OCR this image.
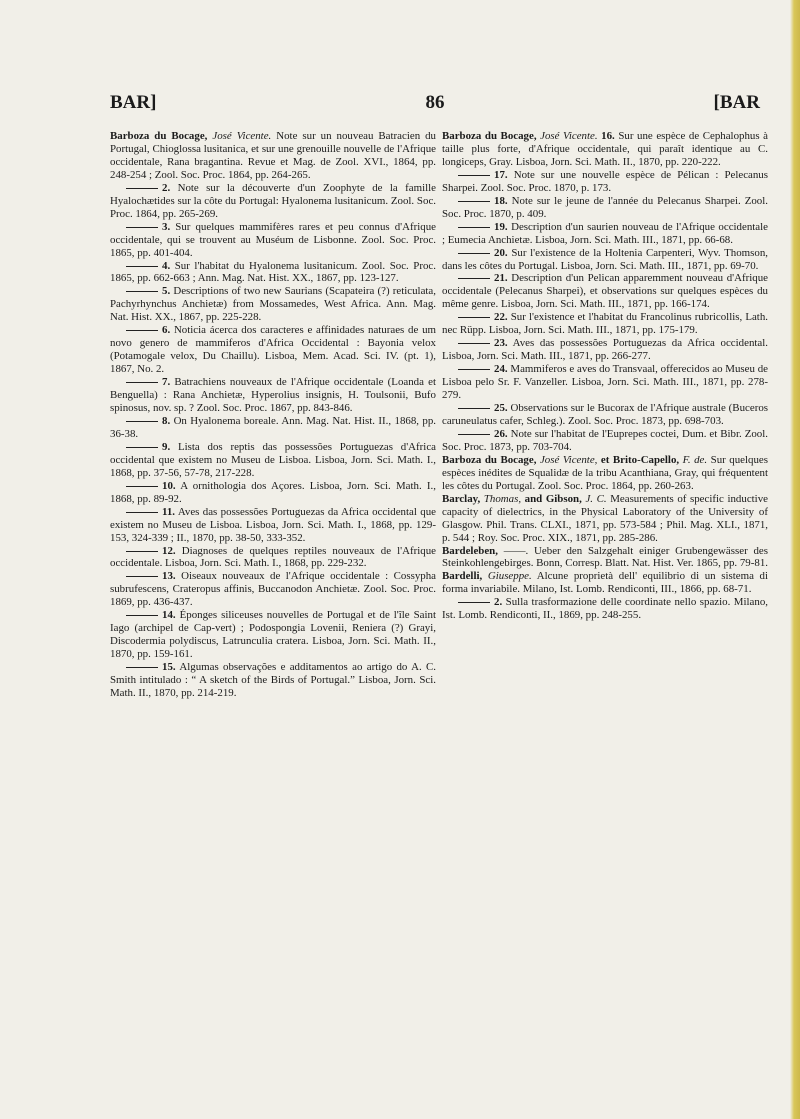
BAR]	86	[BAR

Barboza du Bocage, José Vicente. Note sur un nouveau Batracien du Portugal, Chioglossa lusitanica, et sur une grenouille nouvelle de l'Afrique occidentale, Rana bragantina. Revue et Mag. de Zool. XVI., 1864, pp. 248-254 ; Zool. Soc. Proc. 1864, pp. 264-265.

2. Note sur la découverte d'un Zoophyte de la famille Hyalochætides sur la côte du Portugal: Hyalonema lusitanicum. Zool. Soc. Proc. 1864, pp. 265-269.

3. Sur quelques mammifères rares et peu connus d'Afrique occidentale, qui se trouvent au Muséum de Lisbonne. Zool. Soc. Proc. 1865, pp. 401-404.

4. Sur l'habitat du Hyalonema lusitanicum. Zool. Soc. Proc. 1865, pp. 662-663 ; Ann. Mag. Nat. Hist. XX., 1867, pp. 123-127.

5. Descriptions of two new Saurians (Scapateira (?) reticulata, Pachyrhynchus Anchietæ) from Mossamedes, West Africa. Ann. Mag. Nat. Hist. XX., 1867, pp. 225-228.

6. Noticia ácerca dos caracteres e affinidades naturaes de um novo genero de mammiferos d'Africa Occidental : Bayonia velox (Potamogale velox, Du Chaillu). Lisboa, Mem. Acad. Sci. IV. (pt. 1), 1867, No. 2.

7. Batrachiens nouveaux de l'Afrique occidentale (Loanda et Benguella) : Rana Anchietæ, Hyperolius insignis, H. Toulsonii, Bufo spinosus, nov. sp. ? Zool. Soc. Proc. 1867, pp. 843-846.

8. On Hyalonema boreale. Ann. Mag. Nat. Hist. II., 1868, pp. 36-38.

9. Lista dos reptis das possessões Portuguezas d'Africa occidental que existem no Museu de Lisboa. Lisboa, Jorn. Sci. Math. I., 1868, pp. 37-56, 57-78, 217-228.

10. A ornithologia dos Açores. Lisboa, Jorn. Sci. Math. I., 1868, pp. 89-92.

11. Aves das possessões Portuguezas da Africa occidental que existem no Museu de Lisboa. Lisboa, Jorn. Sci. Math. I., 1868, pp. 129-153, 324-339 ; II., 1870, pp. 38-50, 333-352.

12. Diagnoses de quelques reptiles nouveaux de l'Afrique occidentale. Lisboa, Jorn. Sci. Math. I., 1868, pp. 229-232.

13. Oiseaux nouveaux de l'Afrique occidentale : Cossypha subrufescens, Crateropus affinis, Buccanodon Anchietæ. Zool. Soc. Proc. 1869, pp. 436-437.

14. Éponges siliceuses nouvelles de Portugal et de l'île Saint Iago (archipel de Cap-vert) ; Podospongia Lovenii, Reniera (?) Grayi, Discodermia polydiscus, Latrunculia cratera. Lisboa, Jorn. Sci. Math. II., 1870, pp. 159-161.

15. Algumas observações e additamentos ao artigo do A. C. Smith intitulado : “ A sketch of the Birds of Portugal.” Lisboa, Jorn. Sci. Math. II., 1870, pp. 214-219.

Barboza du Bocage, José Vicente. 16. Sur une espèce de Cephalophus à taille plus forte, d'Afrique occidentale, qui paraît identique au C. longiceps, Gray. Lisboa, Jorn. Sci. Math. II., 1870, pp. 220-222.

17. Note sur une nouvelle espèce de Pélican : Pelecanus Sharpei. Zool. Soc. Proc. 1870, p. 173.

18. Note sur le jeune de l'année du Pelecanus Sharpei. Zool. Soc. Proc. 1870, p. 409.

19. Description d'un saurien nouveau de l'Afrique occidentale ; Eumecia Anchietæ. Lisboa, Jorn. Sci. Math. III., 1871, pp. 66-68.

20. Sur l'existence de la Holtenia Carpenteri, Wyv. Thomson, dans les côtes du Portugal. Lisboa, Jorn. Sci. Math. III., 1871, pp. 69-70.

21. Description d'un Pelican apparemment nouveau d'Afrique occidentale (Pelecanus Sharpei), et observations sur quelques espèces du même genre. Lisboa, Jorn. Sci. Math. III., 1871, pp. 166-174.

22. Sur l'existence et l'habitat du Francolinus rubricollis, Lath. nec Rüpp. Lisboa, Jorn. Sci. Math. III., 1871, pp. 175-179.

23. Aves das possessões Portuguezas da Africa occidental. Lisboa, Jorn. Sci. Math. III., 1871, pp. 266-277.

24. Mammiferos e aves do Transvaal, offerecidos ao Museu de Lisboa pelo Sr. F. Vanzeller. Lisboa, Jorn. Sci. Math. III., 1871, pp. 278-279.

25. Observations sur le Bucorax de l'Afrique australe (Buceros caruneulatus cafer, Schleg.). Zool. Soc. Proc. 1873, pp. 698-703.

26. Note sur l'habitat de l'Euprepes coctei, Dum. et Bibr. Zool. Soc. Proc. 1873, pp. 703-704.

Barboza du Bocage, José Vicente, et Brito-Capello, F. de. Sur quelques espèces inédites de Squalidæ de la tribu Acanthiana, Gray, qui fréquentent les côtes du Portugal. Zool. Soc. Proc. 1864, pp. 260-263.

Barclay, Thomas, and Gibson, J. C. Measurements of specific inductive capacity of dielectrics, in the Physical Laboratory of the University of Glasgow. Phil. Trans. CLXI., 1871, pp. 573-584 ; Phil. Mag. XLI., 1871, p. 544 ; Roy. Soc. Proc. XIX., 1871, pp. 285-286.

Bardeleben, ——. Ueber den Salzgehalt einiger Grubengewässer des Steinkohlengebirges. Bonn, Corresp. Blatt. Nat. Hist. Ver. 1865, pp. 79-81.

Bardelli, Giuseppe. Alcune proprietà dell' equilibrio di un sistema di forma invariabile. Milano, Ist. Lomb. Rendiconti, III., 1866, pp. 68-71.

2. Sulla trasformazione delle coordinate nello spazio. Milano, Ist. Lomb. Rendiconti, II., 1869, pp. 248-255.
